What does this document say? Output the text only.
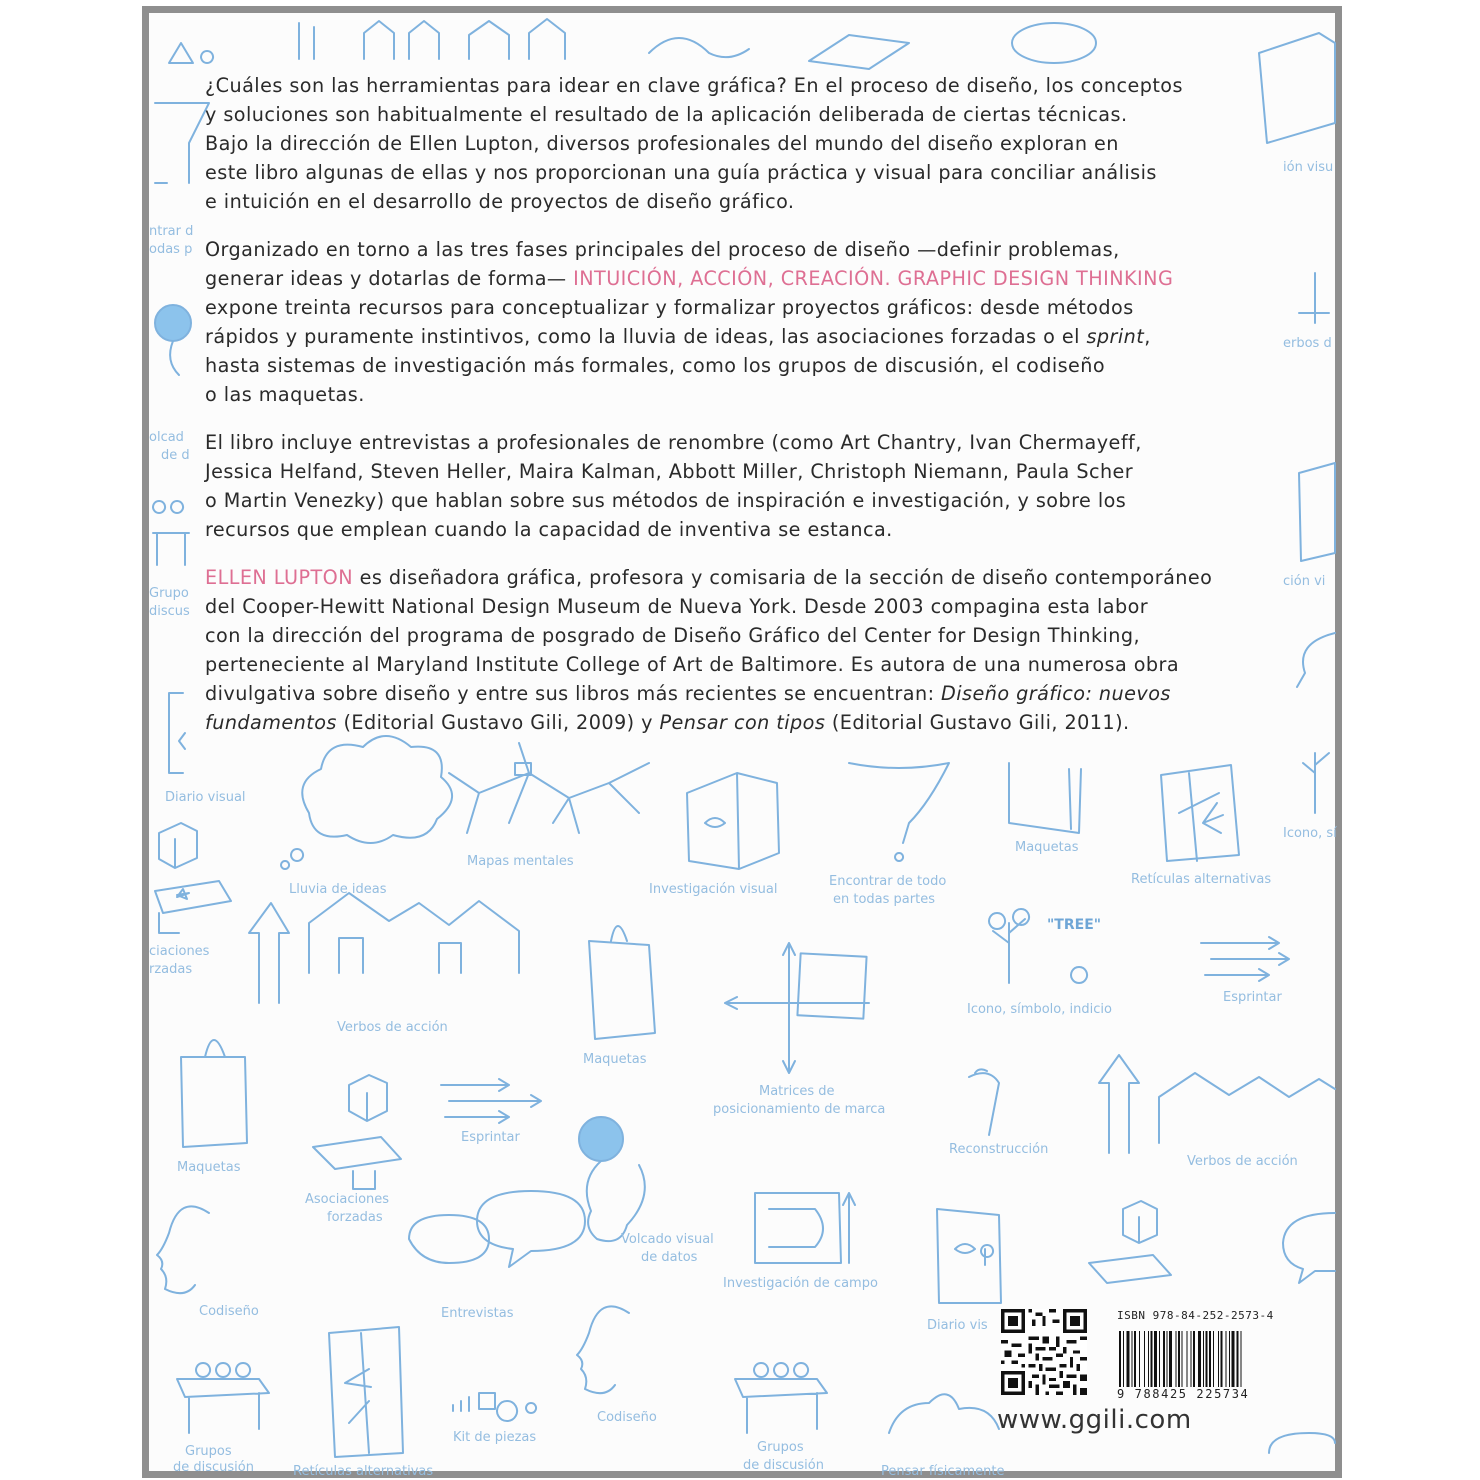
Diario visual
Lluvia de ideas
Mapas mentales
Investigación visual
Encontrar de todo
en todas partes
Maquetas
Retículas alternativas
Icono, sí
ciaciones
rzadas
Verbos de acción
Maquetas
Icono, símbolo, indicio
Esprintar
Matrices de
posicionamiento de marca
Maquetas
Esprintar
Asociaciones
forzadas
Reconstrucción
Verbos de acción
Volcado visual
de datos
Investigación de campo
Codiseño	Entrevistas
Diario vis
Grupos
de discusión	Retículas alternativas
Kit de piezas
Codiseño
Grupos
de discusión	Pensar físicamente
"TREE"
ntrar d
odas p
olcad
de d
Grupo
discus
ión visu
erbos d
ción vi

¿Cuáles son las herramientas para idear en clave gráfica? En el proceso de diseño, los conceptos
y soluciones son habitualmente el resultado de la aplicación deliberada de ciertas técnicas.
Bajo la dirección de Ellen Lupton, diversos profesionales del mundo del diseño exploran en
este libro algunas de ellas y nos proporcionan una guía práctica y visual para conciliar análisis
e intuición en el desarrollo de proyectos de diseño gráfico.

Organizado en torno a las tres fases principales del proceso de diseño —definir problemas,
generar ideas y dotarlas de forma— INTUICIÓN, ACCIÓN, CREACIÓN. GRAPHIC DESIGN THINKING
expone treinta recursos para conceptualizar y formalizar proyectos gráficos: desde métodos
rápidos y puramente instintivos, como la lluvia de ideas, las asociaciones forzadas o el sprint,
hasta sistemas de investigación más formales, como los grupos de discusión, el codiseño
o las maquetas.

El libro incluye entrevistas a profesionales de renombre (como Art Chantry, Ivan Chermayeff,
Jessica Helfand, Steven Heller, Maira Kalman, Abbott Miller, Christoph Niemann, Paula Scher
o Martin Venezky) que hablan sobre sus métodos de inspiración e investigación, y sobre los
recursos que emplean cuando la capacidad de inventiva se estanca.

ELLEN LUPTON es diseñadora gráfica, profesora y comisaria de la sección de diseño contemporáneo
del Cooper-Hewitt National Design Museum de Nueva York. Desde 2003 compagina esta labor
con la dirección del programa de posgrado de Diseño Gráfico del Center for Design Thinking,
perteneciente al Maryland Institute College of Art de Baltimore. Es autora de una numerosa obra
divulgativa sobre diseño y entre sus libros más recientes se encuentran: Diseño gráfico: nuevos
fundamentos (Editorial Gustavo Gili, 2009) y Pensar con tipos (Editorial Gustavo Gili, 2011).

ISBN 978-84-252-2573-4
9 788425 225734
www.ggili.com
